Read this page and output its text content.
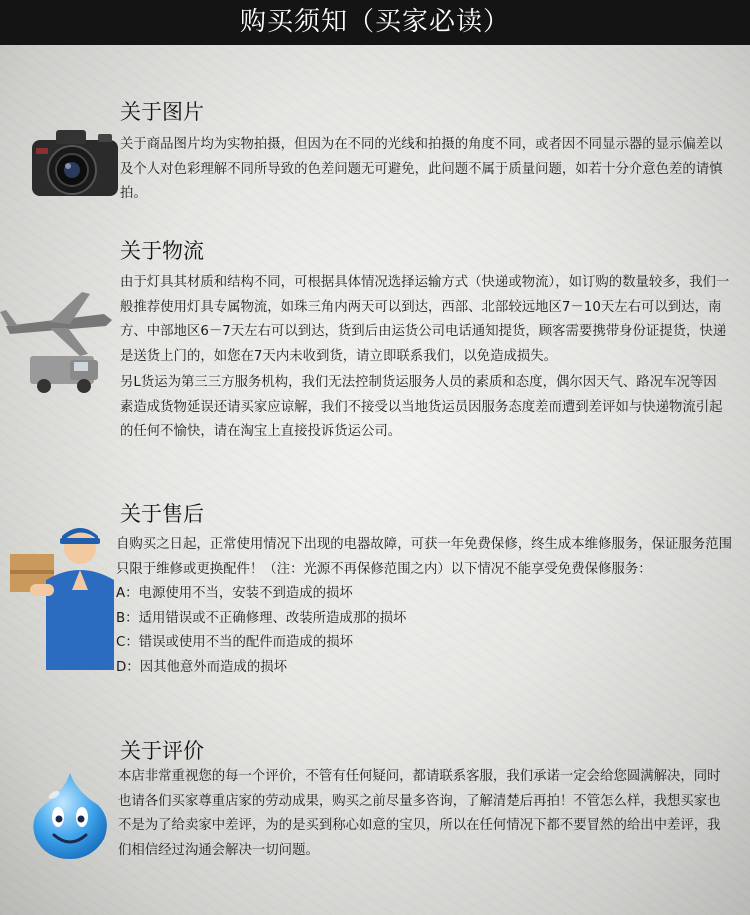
购买须知（买家必读）
关于图片

关于商品图片均为实物拍摄，但因为在不同的光线和拍摄的角度不同，或者因不同显示器的显示偏差以及个人对色彩理解不同所导致的色差问题无可避免，此问题不属于质量问题，如若十分介意色差的请慎拍。

关于物流

由于灯具其材质和结构不同，可根据具体情况选择运输方式（快递或物流），如订购的数量较多，我们一般推荐使用灯具专属物流，如珠三角内两天可以到达，西部、北部较远地区7－10天左右可以到达，南方、中部地区6－7天左右可以到达，货到后由运货公司电话通知提货，顾客需要携带身份证提货，快递是送货上门的，如您在7天内未收到货，请立即联系我们，以免造成损失。

另L货运为第三三方服务机构，我们无法控制货运服务人员的素质和态度，偶尔因天气、路况车况等因素造成货物延误还请买家应谅解，我们不接受以当地货运员因服务态度差而遭到差评如与快递物流引起的任何不愉快，请在淘宝上直接投诉货运公司。

关于售后

自购买之日起，正常使用情况下出现的电器故障，可获一年免费保修，终生成本维修服务，保证服务范围只限于维修或更换配件！（注：光源不再保修范围之内）以下情况不能享受免费保修服务：

A：电源使用不当，安装不到造成的损坏

B：适用错误或不正确修理、改装所造成那的损坏

C：错误或使用不当的配件而造成的损坏

D：因其他意外而造成的损坏

关于评价

本店非常重视您的每一个评价，不管有任何疑问，都请联系客服，我们承诺一定会给您圆满解决，同时也请各们买家尊重店家的劳动成果，购买之前尽量多咨询，了解清楚后再拍！不管怎么样，我想买家也不是为了给卖家中差评，为的是买到称心如意的宝贝，所以在任何情况下都不要冒然的给出中差评，我们相信经过沟通会解决一切问题。
